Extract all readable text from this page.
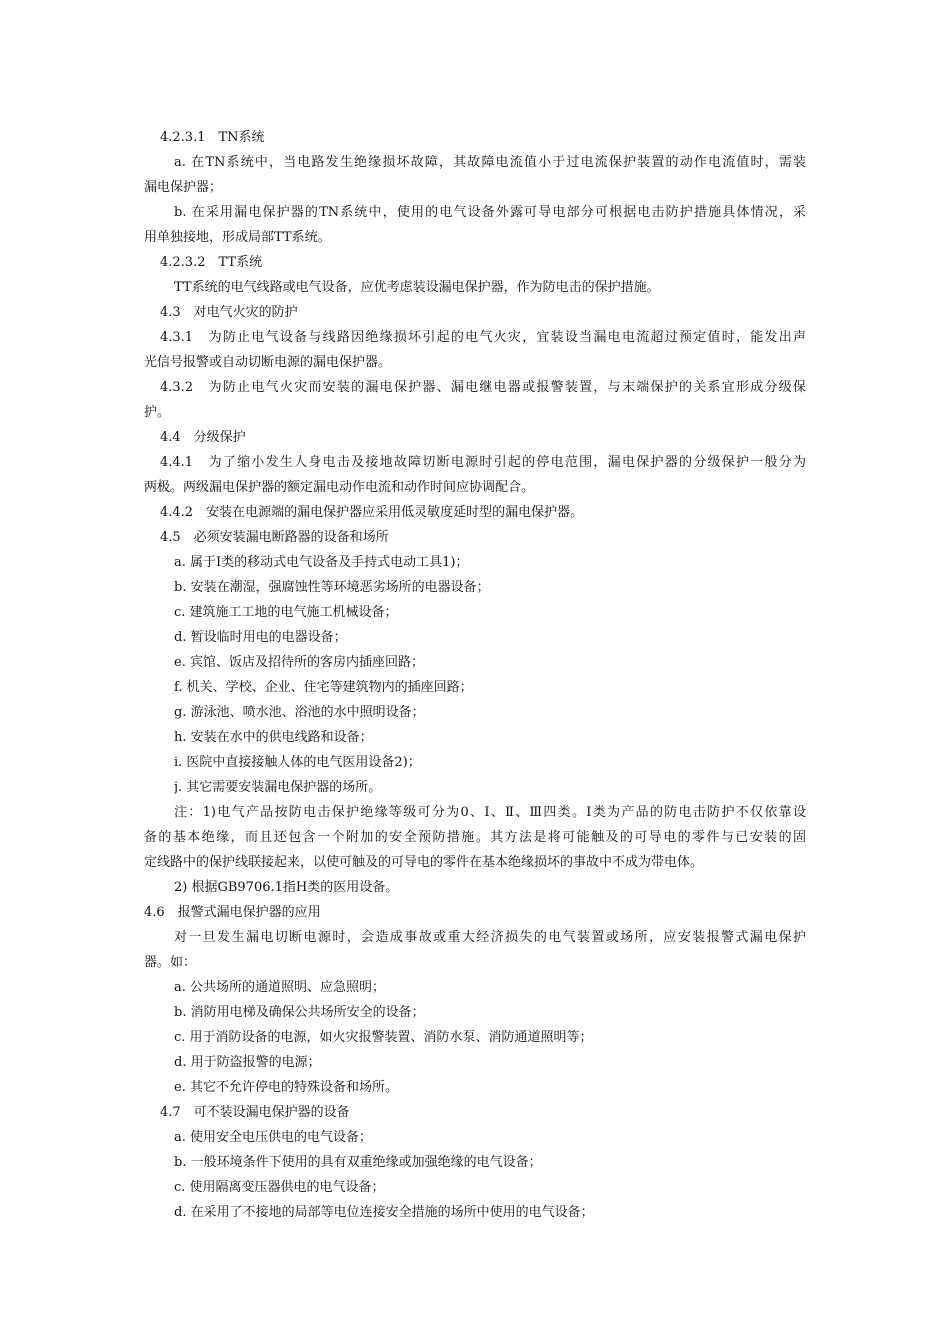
4.2.3.1　TN系统
a. 在TN系统中，当电路发生绝缘损坏故障，其故障电流值小于过电流保护装置的动作电流值时，需装
漏电保护器；
b. 在采用漏电保护器的TN系统中，使用的电气设备外露可导电部分可根据电击防护措施具体情况，采
用单独接地，形成局部TT系统。
4.2.3.2　TT系统
TT系统的电气线路或电气设备，应优考虑装设漏电保护器，作为防电击的保护措施。
4.3　对电气火灾的防护
4.3.1　为防止电气设备与线路因绝缘损坏引起的电气火灾，宜装设当漏电电流超过预定值时，能发出声
光信号报警或自动切断电源的漏电保护器。
4.3.2　为防止电气火灾而安装的漏电保护器、漏电继电器或报警装置，与末端保护的关系宜形成分级保
护。
4.4　分级保护
4.4.1　为了缩小发生人身电击及接地故障切断电源时引起的停电范围，漏电保护器的分级保护一般分为
两极。两级漏电保护器的额定漏电动作电流和动作时间应协调配合。
4.4.2　安装在电源端的漏电保护器应采用低灵敏度延时型的漏电保护器。
4.5　必须安装漏电断路器的设备和场所
a. 属于Ⅰ类的移动式电气设备及手持式电动工具1)；
b. 安装在潮湿，强腐蚀性等环境恶劣场所的电器设备；
c. 建筑施工工地的电气施工机械设备；
d. 暂设临时用电的电器设备；
e. 宾馆、饭店及招待所的客房内插座回路；
f. 机关、学校、企业、住宅等建筑物内的插座回路；
g. 游泳池、喷水池、浴池的水中照明设备；
h. 安装在水中的供电线路和设备；
i. 医院中直接接触人体的电气医用设备2)；
j. 其它需要安装漏电保护器的场所。
注：1)电气产品按防电击保护绝缘等级可分为0、Ⅰ、Ⅱ、Ⅲ四类。Ⅰ类为产品的防电击防护不仅依靠设
备的基本绝缘，而且还包含一个附加的安全预防措施。其方法是将可能触及的可导电的零件与已安装的固
定线路中的保护线联接起来，以使可触及的可导电的零件在基本绝缘损坏的事故中不成为带电体。
2) 根据GB9706.1指H类的医用设备。
4.6　报警式漏电保护器的应用
对一旦发生漏电切断电源时，会造成事故或重大经济损失的电气装置或场所，应安装报警式漏电保护
器。如：
a. 公共场所的通道照明、应急照明；
b. 消防用电梯及确保公共场所安全的设备；
c. 用于消防设备的电源，如火灾报警装置、消防水泵、消防通道照明等；
d. 用于防盗报警的电源；
e. 其它不允许停电的特殊设备和场所。
4.7　可不装设漏电保护器的设备
a. 使用安全电压供电的电气设备；
b. 一般环境条件下使用的具有双重绝缘或加强绝缘的电气设备；
c. 使用隔离变压器供电的电气设备；
d. 在采用了不接地的局部等电位连接安全措施的场所中使用的电气设备；
